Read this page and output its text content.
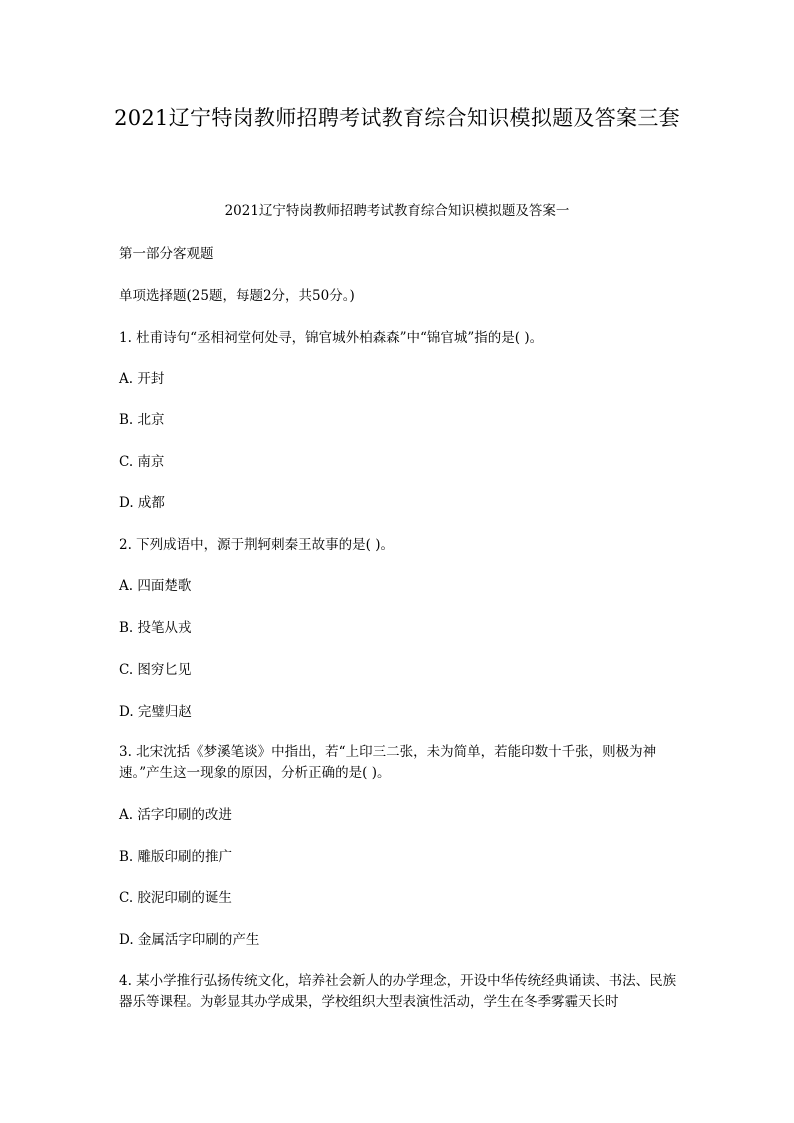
2021辽宁特岗教师招聘考试教育综合知识模拟题及答案三套
2021辽宁特岗教师招聘考试教育综合知识模拟题及答案一
第一部分客观题
单项选择题(25题，每题2分，共50分。)
1. 杜甫诗句“丞相祠堂何处寻，锦官城外柏森森”中“锦官城”指的是( )。
A. 开封
B. 北京
C. 南京
D. 成都
2. 下列成语中，源于荆轲刺秦王故事的是( )。
A. 四面楚歌
B. 投笔从戎
C. 图穷匕见
D. 完璧归赵
3. 北宋沈括《梦溪笔谈》中指出，若“上印三二张，未为简单，若能印数十千张，则极为神速。”产生这一现象的原因，分析正确的是( )。
A. 活字印刷的改进
B. 雕版印刷的推广
C. 胶泥印刷的诞生
D. 金属活字印刷的产生
4. 某小学推行弘扬传统文化，培养社会新人的办学理念，开设中华传统经典诵读、书法、民族器乐等课程。为彰显其办学成果，学校组织大型表演性活动，学生在冬季雾霾天长时
